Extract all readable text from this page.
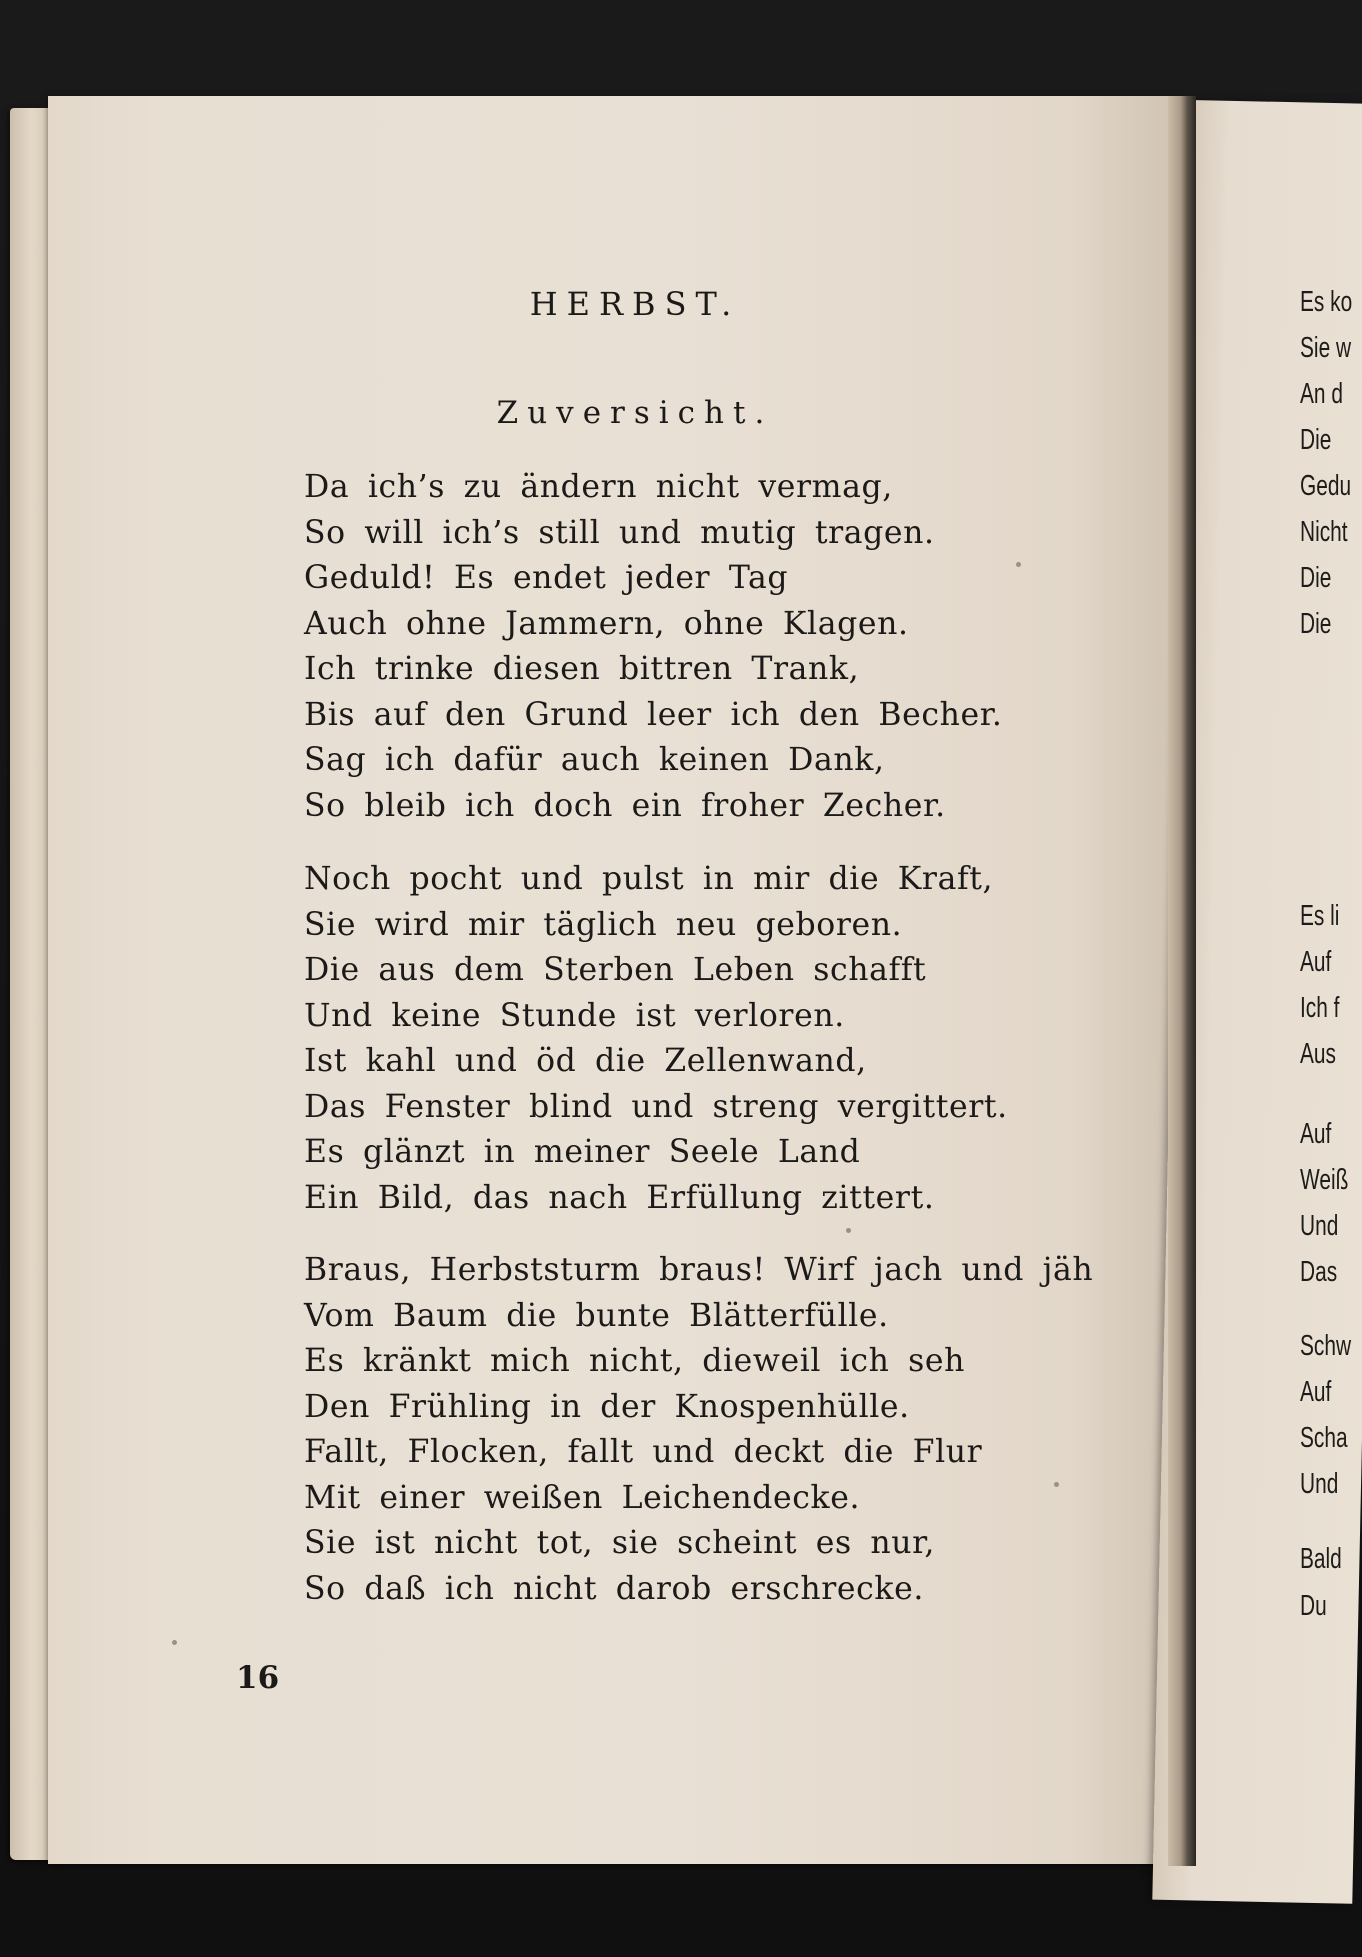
HERBST.
Zuversicht.
Da ich’s zu ändern nicht vermag,
So will ich’s still und mutig tragen.
Geduld! Es endet jeder Tag
Auch ohne Jammern, ohne Klagen.
Ich trinke diesen bittren Trank,
Bis auf den Grund leer ich den Becher.
Sag ich dafür auch keinen Dank,
So bleib ich doch ein froher Zecher.
Noch pocht und pulst in mir die Kraft,
Sie wird mir täglich neu geboren.
Die aus dem Sterben Leben schafft
Und keine Stunde ist verloren.
Ist kahl und öd die Zellenwand,
Das Fenster blind und streng vergittert.
Es glänzt in meiner Seele Land
Ein Bild, das nach Erfüllung zittert.
Braus, Herbststurm braus! Wirf jach und jäh
Vom Baum die bunte Blätterfülle.
Es kränkt mich nicht, dieweil ich seh
Den Frühling in der Knospenhülle.
Fallt, Flocken, fallt und deckt die Flur
Mit einer weißen Leichendecke.
Sie ist nicht tot, sie scheint es nur,
So daß ich nicht darob erschrecke.
16
Es ko
Sie w
An d
Die
Gedu
Nicht
Die
Die
Es li
Auf
Ich f
Aus
Auf
Weiß
Und
Das
Schw
Auf
Scha
Und
Bald
Du
